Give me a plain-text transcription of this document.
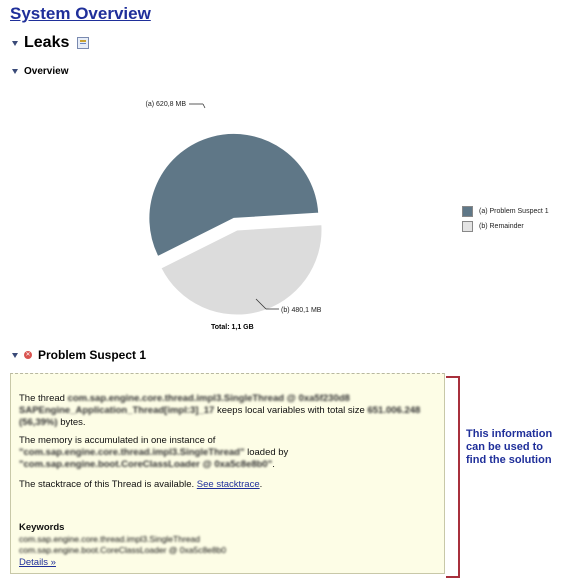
System Overview
Leaks
Overview
(a) 620,8 MB
(b) 480,1 MB
Total: 1,1 GB
(a) Problem Suspect 1
(b) Remainder
✕ Problem Suspect 1
The thread com.sap.engine.core.thread.impl3.SingleThread @ 0xa5f230d8 SAPEngine_Application_Thread[impl:3]_17 keeps local variables with total size 651.006.248 (56,39%) bytes.
The memory is accumulated in one instance of
"com.sap.engine.core.thread.impl3.SingleThread" loaded by
"com.sap.engine.boot.CoreClassLoader @ 0xa5c8e8b0".
The stacktrace of this Thread is available. See stacktrace.
Keywords
com.sap.engine.core.thread.impl3.SingleThread
com.sap.engine.boot.CoreClassLoader @ 0xa5c8e8b0
Details »
This information can be used to find the solution
